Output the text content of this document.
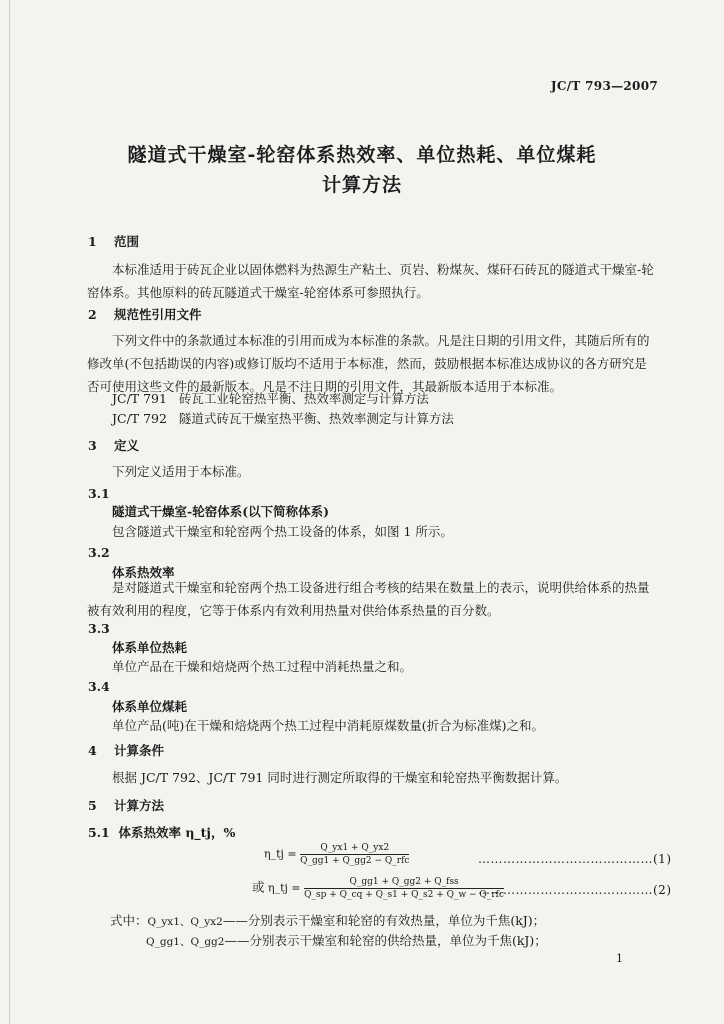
JC/T 793—2007
隧道式干燥室-轮窑体系热效率、单位热耗、单位煤耗
计算方法
1 范围
本标准适用于砖瓦企业以固体燃料为热源生产粘土、页岩、粉煤灰、煤矸石砖瓦的隧道式干燥室-轮窑体系。其他原料的砖瓦隧道式干燥室-轮窑体系可参照执行。
2 规范性引用文件
下列文件中的条款通过本标准的引用而成为本标准的条款。凡是注日期的引用文件，其随后所有的修改单(不包括勘误的内容)或修订版均不适用于本标准，然而，鼓励根据本标准达成协议的各方研究是否可使用这些文件的最新版本。凡是不注日期的引用文件，其最新版本适用于本标准。
JC/T 791 砖瓦工业轮窑热平衡、热效率测定与计算方法
JC/T 792 隧道式砖瓦干燥室热平衡、热效率测定与计算方法
3 定义
下列定义适用于本标准。
3.1
隧道式干燥室-轮窑体系(以下简称体系)
包含隧道式干燥室和轮窑两个热工设备的体系，如图 1 所示。
3.2
体系热效率
是对隧道式干燥室和轮窑两个热工设备进行组合考核的结果在数量上的表示，说明供给体系的热量被有效利用的程度，它等于体系内有效利用热量对供给体系热量的百分数。
3.3
体系单位热耗
单位产品在干燥和焙烧两个热工过程中消耗热量之和。
3.4
体系单位煤耗
单位产品(吨)在干燥和焙烧两个热工过程中消耗原煤数量(折合为标准煤)之和。
4 计算条件
根据 JC/T 792、JC/T 791 同时进行测定所取得的干燥室和轮窑热平衡数据计算。
5 计算方法
5.1 体系热效率 η_tj，%
η_tj = $\frac{Q\_yx1 + Q\_yx2}{\text{Q\_gg1 + Q\_gg2 − Q\_rfc}}$	……………………………………(1)
或 η_tj = $\frac{\text{Q\_gg1 + Q\_gg2 + Q\_fss}}{\text{Q\_sp + Q\_cq + Q\_s1 + Q\_s2 + Q\_w − Q\_rfc}}$
……………………………………(2)
式中：Q_yx1、Q_yx2——分别表示干燥室和轮窑的有效热量，单位为千焦(kJ)；
Q_gg1、Q_gg2——分别表示干燥室和轮窑的供给热量，单位为千焦(kJ)；
1
